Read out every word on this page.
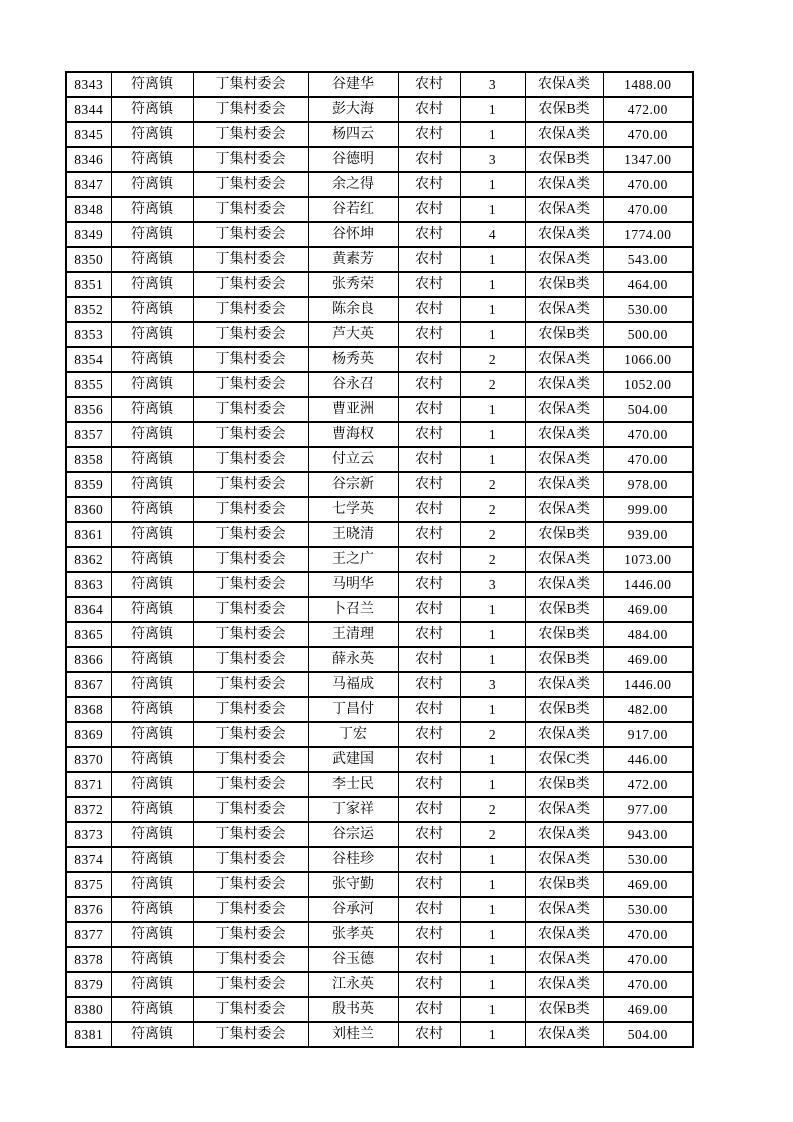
8343	符离镇	丁集村委会	谷建华	农村	3	农保A类	1488.00
8344	符离镇	丁集村委会	彭大海	农村	1	农保B类	472.00
8345	符离镇	丁集村委会	杨四云	农村	1	农保A类	470.00
8346	符离镇	丁集村委会	谷德明	农村	3	农保B类	1347.00
8347	符离镇	丁集村委会	余之得	农村	1	农保A类	470.00
8348	符离镇	丁集村委会	谷若红	农村	1	农保A类	470.00
8349	符离镇	丁集村委会	谷怀坤	农村	4	农保A类	1774.00
8350	符离镇	丁集村委会	黄素芳	农村	1	农保A类	543.00
8351	符离镇	丁集村委会	张秀荣	农村	1	农保B类	464.00
8352	符离镇	丁集村委会	陈余良	农村	1	农保A类	530.00
8353	符离镇	丁集村委会	芦大英	农村	1	农保B类	500.00
8354	符离镇	丁集村委会	杨秀英	农村	2	农保A类	1066.00
8355	符离镇	丁集村委会	谷永召	农村	2	农保A类	1052.00
8356	符离镇	丁集村委会	曹亚洲	农村	1	农保A类	504.00
8357	符离镇	丁集村委会	曹海权	农村	1	农保A类	470.00
8358	符离镇	丁集村委会	付立云	农村	1	农保A类	470.00
8359	符离镇	丁集村委会	谷宗新	农村	2	农保A类	978.00
8360	符离镇	丁集村委会	七学英	农村	2	农保A类	999.00
8361	符离镇	丁集村委会	王晓清	农村	2	农保B类	939.00
8362	符离镇	丁集村委会	王之广	农村	2	农保A类	1073.00
8363	符离镇	丁集村委会	马明华	农村	3	农保A类	1446.00
8364	符离镇	丁集村委会	卜召兰	农村	1	农保B类	469.00
8365	符离镇	丁集村委会	王清理	农村	1	农保B类	484.00
8366	符离镇	丁集村委会	薛永英	农村	1	农保B类	469.00
8367	符离镇	丁集村委会	马福成	农村	3	农保A类	1446.00
8368	符离镇	丁集村委会	丁昌付	农村	1	农保B类	482.00
8369	符离镇	丁集村委会	丁宏	农村	2	农保A类	917.00
8370	符离镇	丁集村委会	武建国	农村	1	农保C类	446.00
8371	符离镇	丁集村委会	李士民	农村	1	农保B类	472.00
8372	符离镇	丁集村委会	丁家祥	农村	2	农保A类	977.00
8373	符离镇	丁集村委会	谷宗运	农村	2	农保A类	943.00
8374	符离镇	丁集村委会	谷桂珍	农村	1	农保A类	530.00
8375	符离镇	丁集村委会	张守勤	农村	1	农保B类	469.00
8376	符离镇	丁集村委会	谷承河	农村	1	农保A类	530.00
8377	符离镇	丁集村委会	张孝英	农村	1	农保A类	470.00
8378	符离镇	丁集村委会	谷玉德	农村	1	农保A类	470.00
8379	符离镇	丁集村委会	江永英	农村	1	农保A类	470.00
8380	符离镇	丁集村委会	殷书英	农村	1	农保B类	469.00
8381	符离镇	丁集村委会	刘桂兰	农村	1	农保A类	504.00
